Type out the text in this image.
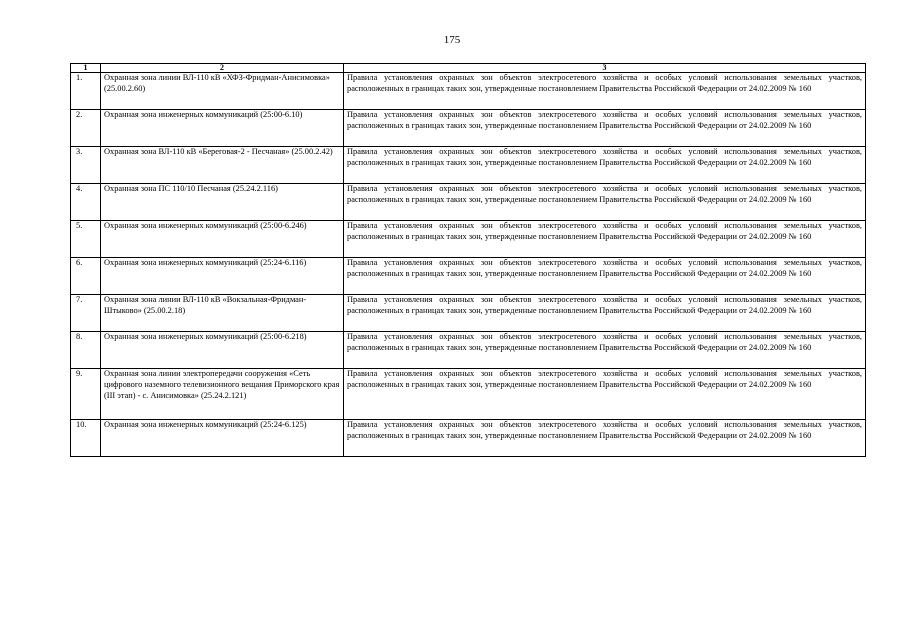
175
1	2	3
1.	Охранная зона линии ВЛ-110 кВ «ХФЗ-Фридман-Анисимовка» (25.00.2.60)	Правила установления охранных зон объектов электросетевого хозяйства и особых условий использования земельных участков, расположенных в границах таких зон, утвержденные постановлением Правительства Российской Федерации от 24.02.2009 № 160
2.	Охранная зона инженерных коммуникаций (25:00-6.10)	Правила установления охранных зон объектов электросетевого хозяйства и особых условий использования земельных участков, расположенных в границах таких зон, утвержденные постановлением Правительства Российской Федерации от 24.02.2009 № 160
3.	Охранная зона ВЛ-110 кВ «Береговая-2 - Песчаная» (25.00.2.42)	Правила установления охранных зон объектов электросетевого хозяйства и особых условий использования земельных участков, расположенных в границах таких зон, утвержденные постановлением Правительства Российской Федерации от 24.02.2009 № 160
4.	Охранная зона ПС 110/10 Песчаная (25.24.2.116)	Правила установления охранных зон объектов электросетевого хозяйства и особых условий использования земельных участков, расположенных в границах таких зон, утвержденные постановлением Правительства Российской Федерации от 24.02.2009 № 160
5.	Охранная зона инженерных коммуникаций (25:00-6.246)	Правила установления охранных зон объектов электросетевого хозяйства и особых условий использования земельных участков, расположенных в границах таких зон, утвержденные постановлением Правительства Российской Федерации от 24.02.2009 № 160
6.	Охранная зона инженерных коммуникаций (25:24-6.116)	Правила установления охранных зон объектов электросетевого хозяйства и особых условий использования земельных участков, расположенных в границах таких зон, утвержденные постановлением Правительства Российской Федерации от 24.02.2009 № 160
7.	Охранная зона линии ВЛ-110 кВ «Вокзальная-Фридман-Штыково» (25.00.2.18)	Правила установления охранных зон объектов электросетевого хозяйства и особых условий использования земельных участков, расположенных в границах таких зон, утвержденные постановлением Правительства Российской Федерации от 24.02.2009 № 160
8.	Охранная зона инженерных коммуникаций (25:00-6.218)	Правила установления охранных зон объектов электросетевого хозяйства и особых условий использования земельных участков, расположенных в границах таких зон, утвержденные постановлением Правительства Российской Федерации от 24.02.2009 № 160
9.	Охранная зона линии электропередачи сооружения «Сеть цифрового наземного телевизионного вещания Приморского края (III этап) - с. Анисимовка» (25.24.2.121)	Правила установления охранных зон объектов электросетевого хозяйства и особых условий использования земельных участков, расположенных в границах таких зон, утвержденные постановлением Правительства Российской Федерации от 24.02.2009 № 160
10.	Охранная зона инженерных коммуникаций (25:24-6.125)	Правила установления охранных зон объектов электросетевого хозяйства и особых условий использования земельных участков, расположенных в границах таких зон, утвержденные постановлением Правительства Российской Федерации от 24.02.2009 № 160
